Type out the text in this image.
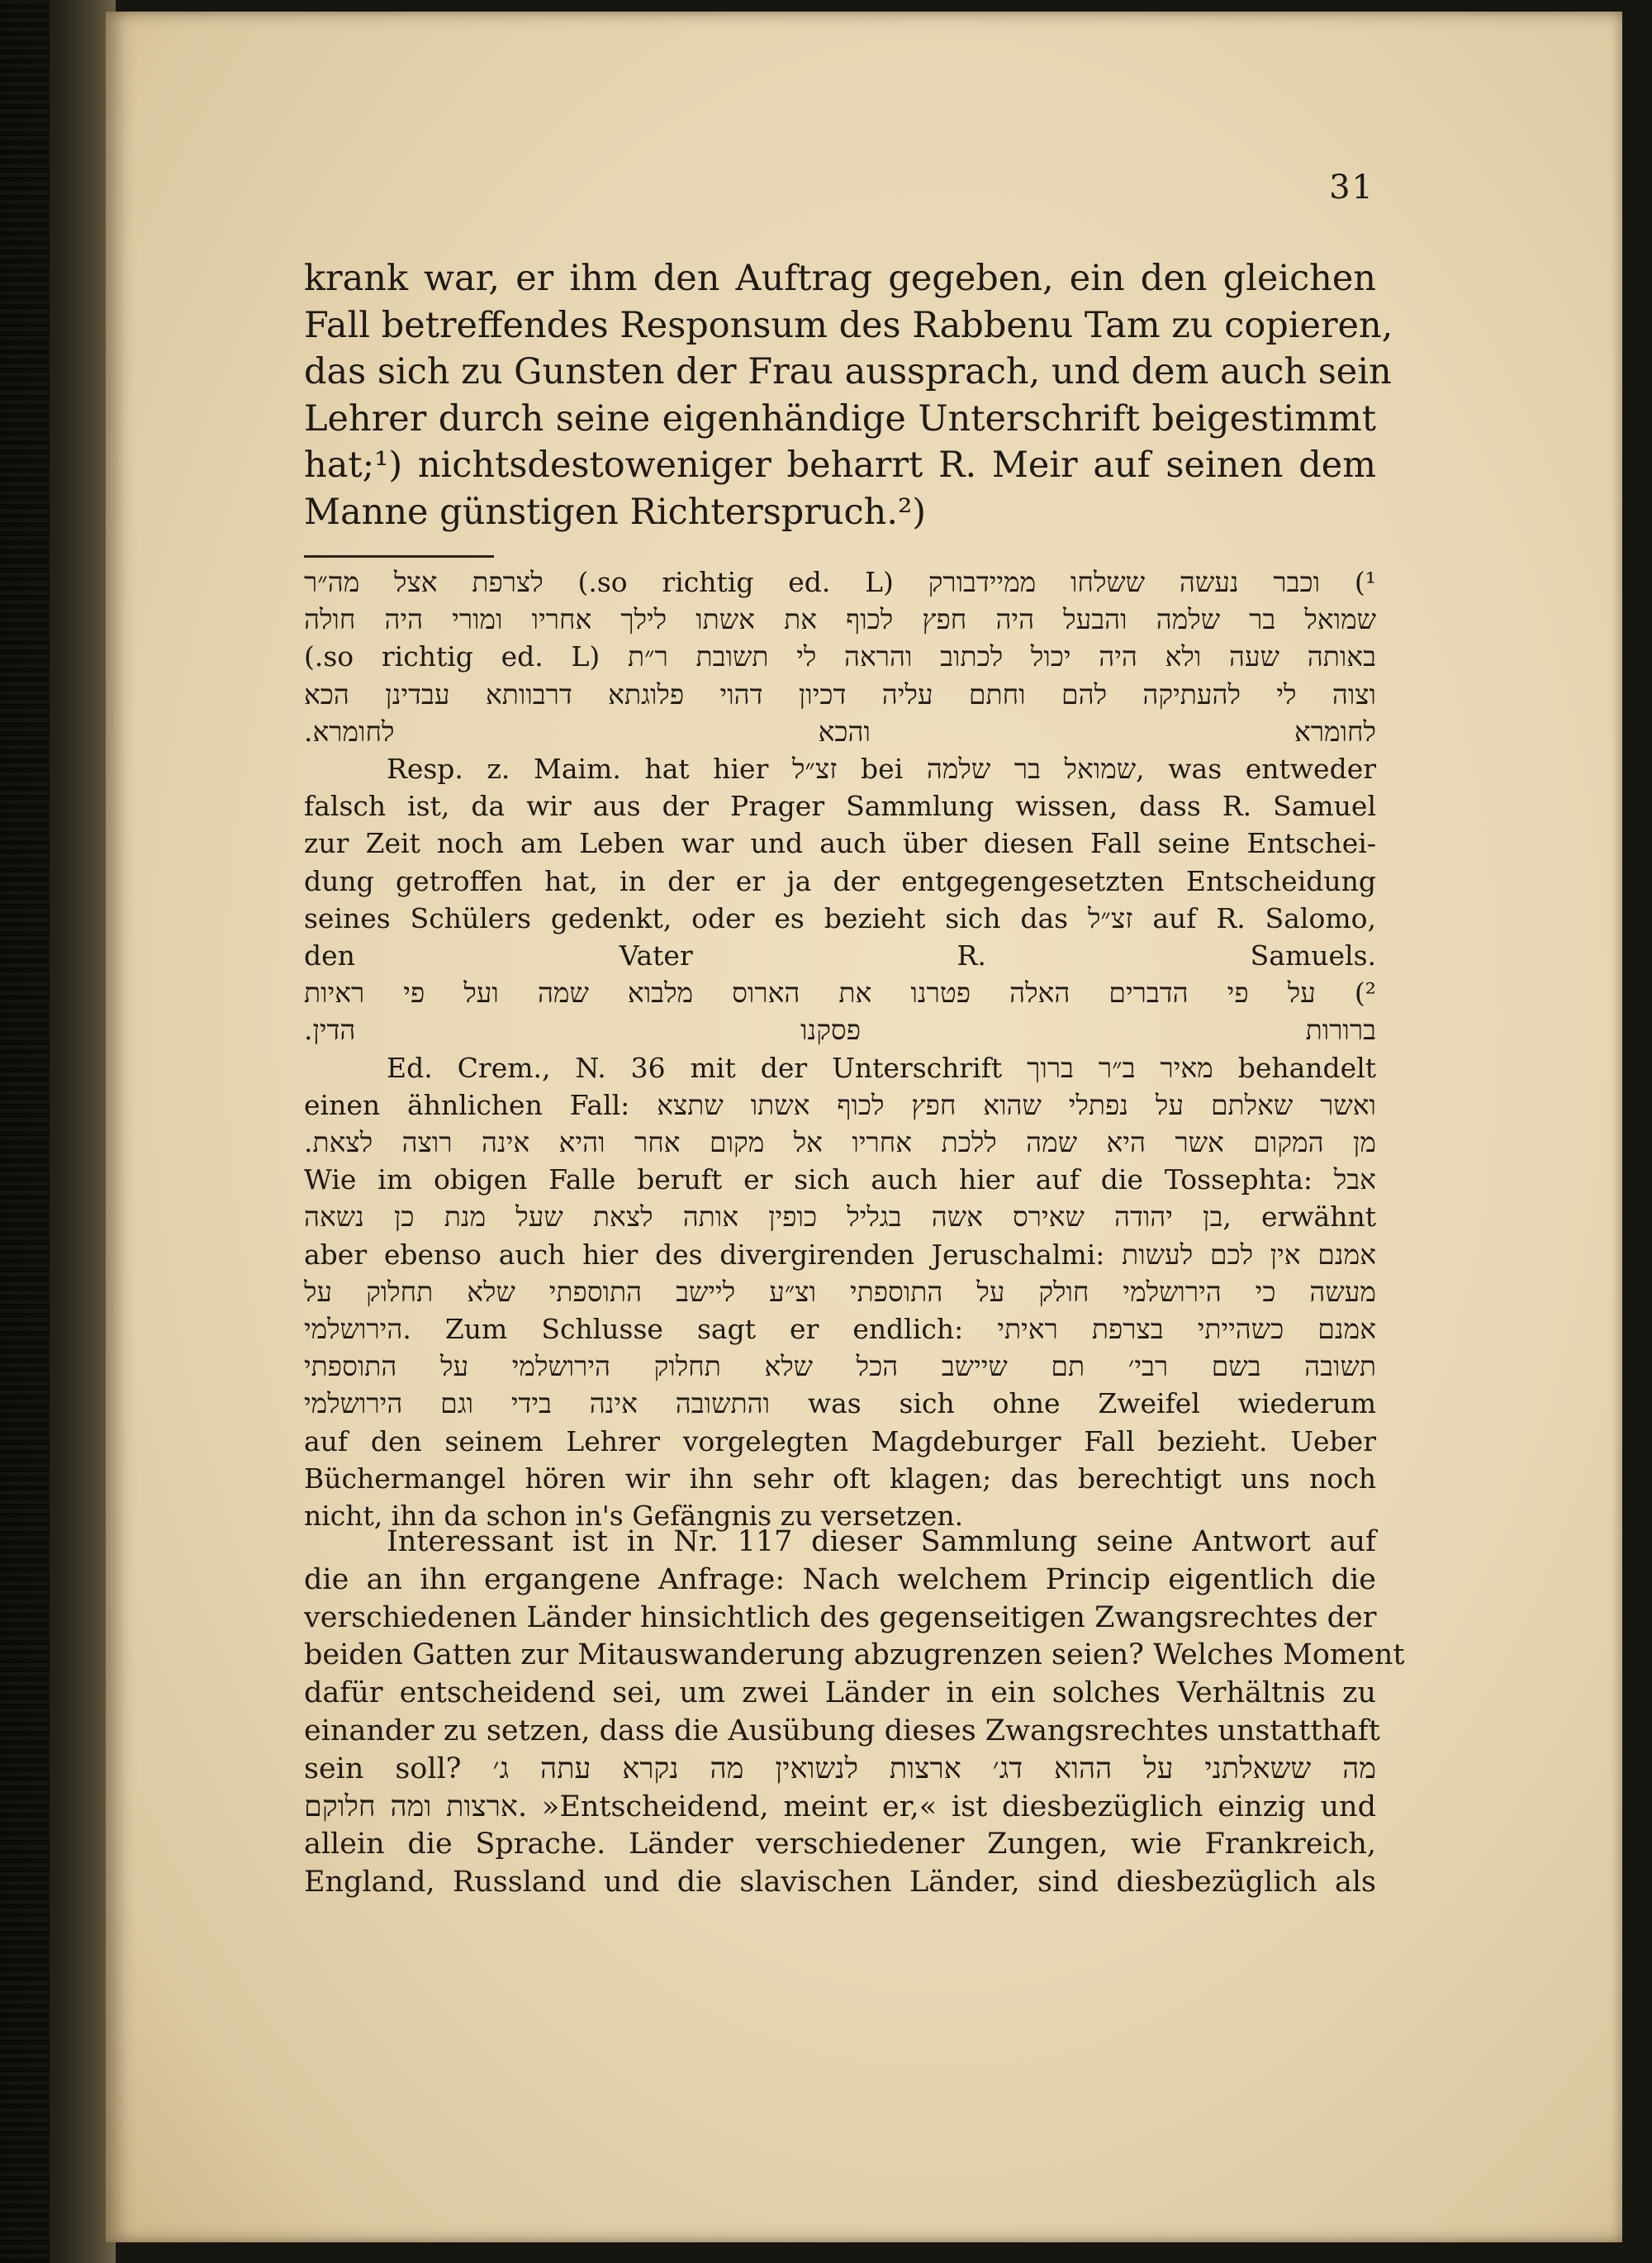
31
krank war, er ihm den Auftrag gegeben, ein den gleichen
Fall betreffendes Responsum des Rabbenu Tam zu copieren,
das sich zu Gunsten der Frau aussprach, und dem auch sein
Lehrer durch seine eigenhändige Unterschrift beigestimmt
hat;¹) nichtsdestoweniger beharrt R. Meir auf seinen dem
Manne günstigen Richterspruch.²)
¹) וכבר נעשה ששלחו ממיידבורק (so richtig ed. L.) לצרפת אצל מה״ר
שמואל בר שלמה והבעל היה חפץ לכוף את אשתו לילך אחריו ומורי היה חולה
באותה שעה ולא היה יכול לכתוב והראה לי תשובת ר״ת (so richtig ed. L.)
וצוה לי להעתיקה להם וחתם עליה דכיון דהוי פלוגתא דרבוותא עבדינן הכא
לחומרא והכא לחומרא.
Resp. z. Maim. hat hier זצ״ל bei שמואל בר שלמה, was entweder
falsch ist, da wir aus der Prager Sammlung wissen, dass R. Samuel
zur Zeit noch am Leben war und auch über diesen Fall seine Entschei-
dung getroffen hat, in der er ja der entgegengesetzten Entscheidung
seines Schülers gedenkt, oder es bezieht sich das זצ״ל auf R. Salomo,
den Vater R. Samuels.
²) על פי הדברים האלה פטרנו את הארוס מלבוא שמה ועל פי ראיות
ברורות פסקנו הדין.
Ed. Crem., N. 36 mit der Unterschrift מאיר ב״ר ברוך behandelt
einen ähnlichen Fall: ואשר שאלתם על נפתלי שהוא חפץ לכוף אשתו שתצא
מן המקום אשר היא שמה ללכת אחריו אל מקום אחר והיא אינה רוצה לצאת.
Wie im obigen Falle beruft er sich auch hier auf die Tossephta: אבל
בן יהודה שאירס אשה בגליל כופין אותה לצאת שעל מנת כן נשאה, erwähnt
aber ebenso auch hier des divergirenden Jeruschalmi: אמנם אין לכם לעשות
מעשה כי הירושלמי חולק על התוספתי וצ״ע ליישב התוספתי שלא תחלוק על
הירושלמי. Zum Schlusse sagt er endlich: אמנם כשהייתי בצרפת ראיתי
תשובה בשם רבי׳ תם שיישב הכל שלא תחלוק הירושלמי על התוספתי
והתשובה אינה בידי וגם הירושלמי was sich ohne Zweifel wiederum
auf den seinem Lehrer vorgelegten Magdeburger Fall bezieht. Ueber
Büchermangel hören wir ihn sehr oft klagen; das berechtigt uns noch
nicht, ihn da schon in's Gefängnis zu versetzen.
Interessant ist in Nr. 117 dieser Sammlung seine Antwort auf
die an ihn ergangene Anfrage: Nach welchem Princip eigentlich die
verschiedenen Länder hinsichtlich des gegenseitigen Zwangsrechtes der
beiden Gatten zur Mitauswanderung abzugrenzen seien? Welches Moment
dafür entscheidend sei, um zwei Länder in ein solches Verhältnis zu
einander zu setzen, dass die Ausübung dieses Zwangsrechtes unstatthaft
sein soll? מה ששאלתני על ההוא דג׳ ארצות לנשואין מה נקרא עתה ג׳
ארצות ומה חלוקם. »Entscheidend, meint er,« ist diesbezüglich einzig und
allein die Sprache. Länder verschiedener Zungen, wie Frankreich,
England, Russland und die slavischen Länder, sind diesbezüglich als
